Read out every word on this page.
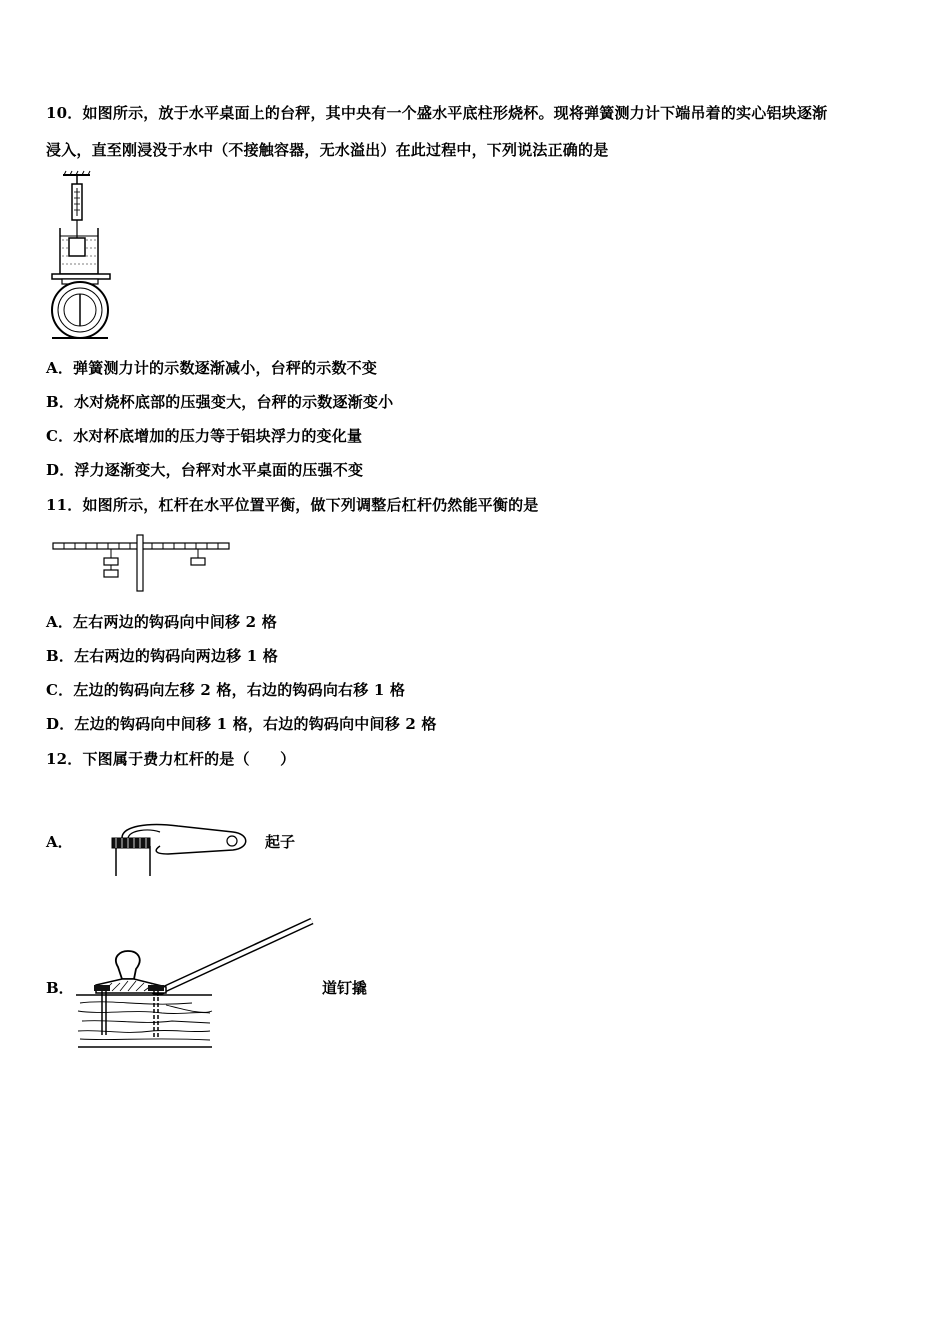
10．如图所示，放于水平桌面上的台秤，其中央有一个盛水平底柱形烧杯。现将弹簧测力计下端吊着的实心铝块逐渐
浸入，直至刚浸没于水中（不接触容器，无水溢出）在此过程中，下列说法正确的是
A．弹簧测力计的示数逐渐减小，台秤的示数不变
B．水对烧杯底部的压强变大，台秤的示数逐渐变小
C．水对杯底增加的压力等于铝块浮力的变化量
D．浮力逐渐变大，台秤对水平桌面的压强不变
11．如图所示，杠杆在水平位置平衡，做下列调整后杠杆仍然能平衡的是
A．左右两边的钩码向中间移 2 格
B．左右两边的钩码向两边移 1 格
C．左边的钩码向左移 2 格，右边的钩码向右移 1 格
D．左边的钩码向中间移 1 格，右边的钩码向中间移 2 格
12．下图属于费力杠杆的是（　　）
A．	起子
B．	道钉撬
